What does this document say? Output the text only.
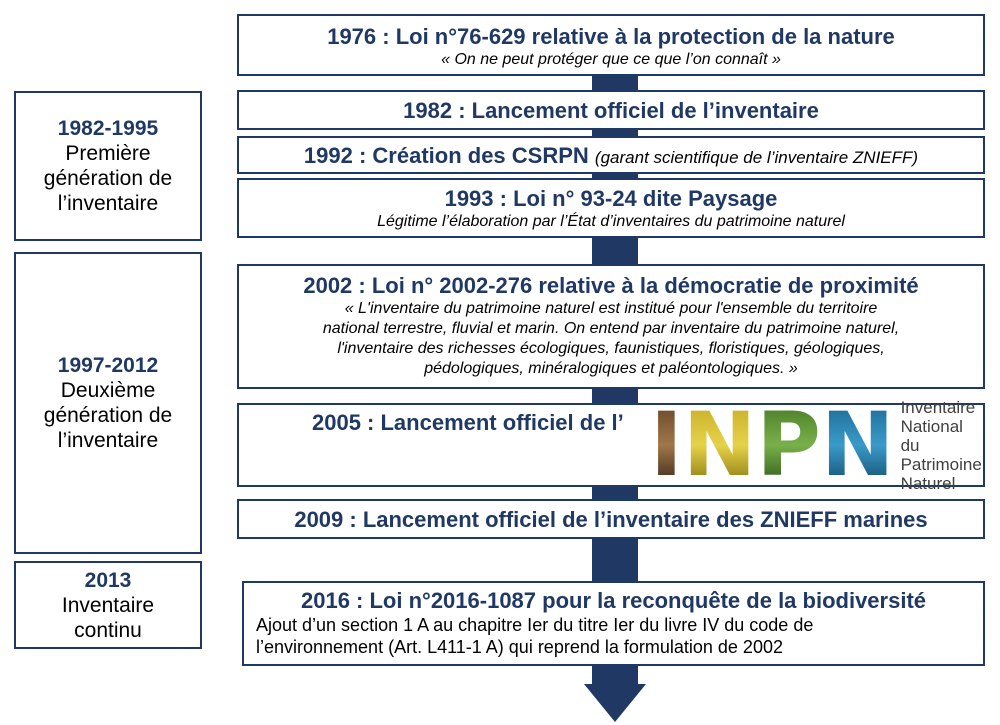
1982-1995
Première
génération de
l’inventaire
1997-2012
Deuxième
génération de
l’inventaire
2013
Inventaire
continu
1976 : Loi n°76-629 relative à la protection de la nature
« On ne peut protéger que ce que l’on connaît »
1982 : Lancement officiel de l’inventaire
1992 : Création des CSRPN (garant scientifique de l’inventaire ZNIEFF)
1993 : Loi n° 93-24 dite Paysage
Légitime l’élaboration par l’État d’inventaires du patrimoine naturel
2002 : Loi n° 2002-276 relative à la démocratie de proximité
« L'inventaire du patrimoine naturel est institué pour l'ensemble du territoire
national terrestre, fluvial et marin. On entend par inventaire du patrimoine naturel,
l'inventaire des richesses écologiques, faunistiques, floristiques, géologiques,
pédologiques, minéralogiques et paléontologiques. »
2005 : Lancement officiel de l’ I N P N Inventaire
National du
Patrimoine
Naturel
2009 : Lancement officiel de l’inventaire des ZNIEFF marines
2016 : Loi n°2016-1087 pour la reconquête de la biodiversité
Ajout d’un section 1 A au chapitre Ier du titre Ier du livre IV du code de
l’environnement (Art. L411-1 A) qui reprend la formulation de 2002
